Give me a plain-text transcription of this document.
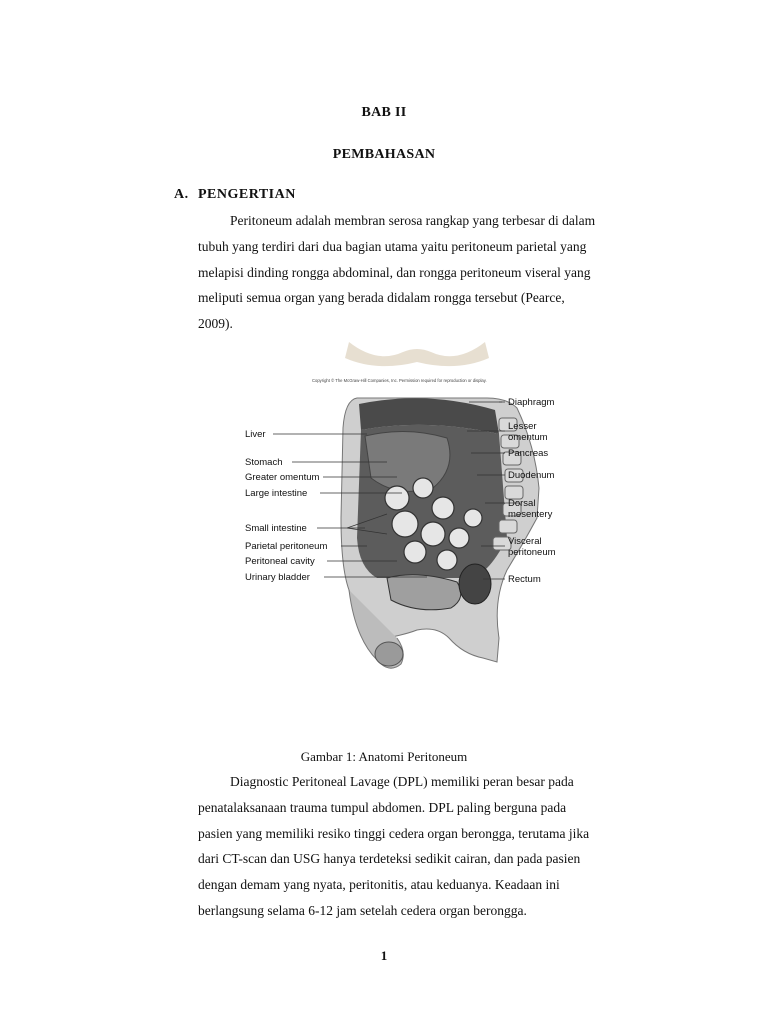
BAB II
PEMBAHASAN
A. PENGERTIAN

Peritoneum adalah membran serosa rangkap yang terbesar di dalam

tubuh yang terdiri dari dua bagian utama yaitu peritoneum parietal yang

melapisi dinding rongga abdominal, dan rongga peritoneum viseral yang

meliputi semua organ yang berada didalam rongga tersebut (Pearce,

2009).

Copyright © The McGraw-Hill Companies, Inc. Permission required for reproduction or display.
Liver
Stomach
Greater omentum
Large intestine
Small intestine
Parietal peritoneum
Peritoneal cavity
Urinary bladder
Diaphragm
Lesser
omentum
Pancreas
Duodenum
Dorsal
mesentery
Visceral
peritoneum
Rectum
Gambar 1: Anatomi Peritoneum

Diagnostic Peritoneal Lavage (DPL) memiliki peran besar pada

penatalaksanaan trauma tumpul abdomen. DPL paling berguna pada

pasien yang memiliki resiko tinggi cedera organ berongga, terutama jika

dari CT-scan dan USG hanya terdeteksi sedikit cairan, dan pada pasien

dengan demam yang nyata, peritonitis, atau keduanya. Keadaan ini

berlangsung selama 6-12 jam setelah cedera organ berongga.

1
